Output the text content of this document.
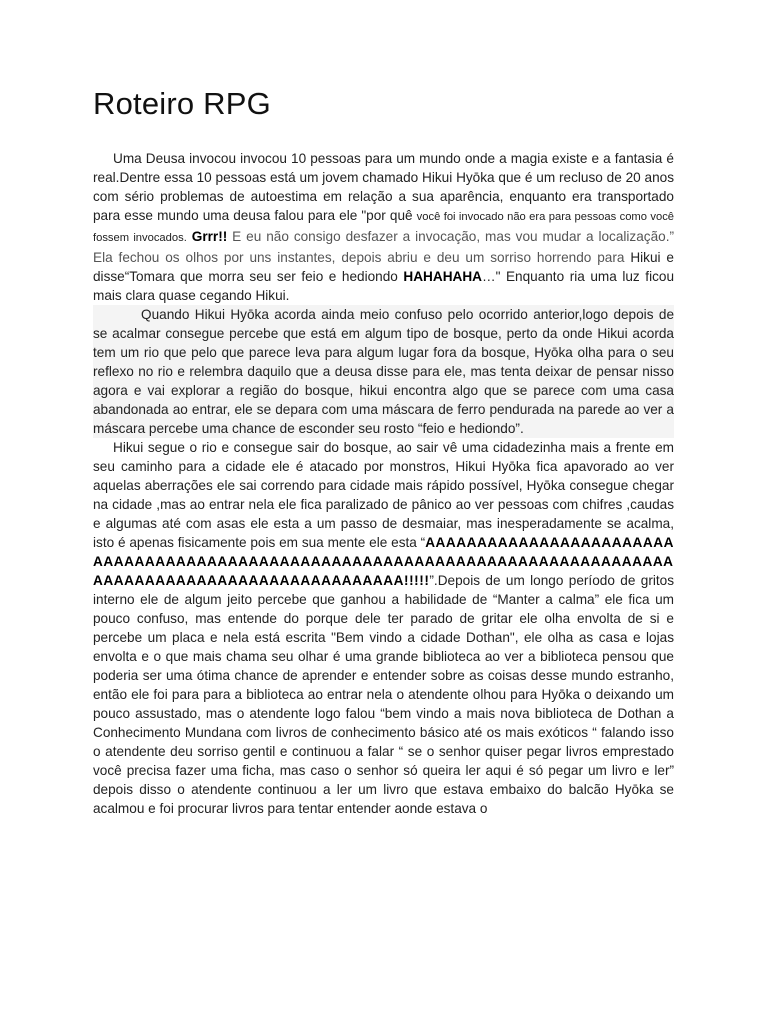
Roteiro RPG

Uma Deusa invocou invocou 10 pessoas para um mundo onde a magia existe e a fantasia é real.Dentre essa 10 pessoas está um jovem chamado Hikui Hyōka que é um recluso de 20 anos com sério problemas de autoestima em relação a sua aparência, enquanto era transportado para esse mundo uma deusa falou para ele "por quê você foi invocado não era para pessoas como você fossem invocados. Grrr!! E eu não consigo desfazer a invocação, mas vou mudar a localização.” Ela fechou os olhos por uns instantes, depois abriu e deu um sorriso horrendo para Hikui e disse“Tomara que morra seu ser feio e hediondo HAHAHAHA…" Enquanto ria uma luz ficou mais clara quase cegando Hikui.

Quando Hikui Hyōka acorda ainda meio confuso pelo ocorrido anterior,logo depois de se acalmar consegue percebe que está em algum tipo de bosque, perto da onde Hikui acorda tem um rio que pelo que parece leva para algum lugar fora da bosque, Hyōka olha para o seu reflexo no rio e relembra daquilo que a deusa disse para ele, mas tenta deixar de pensar nisso agora e vai explorar a região do bosque, hikui encontra algo que se parece com uma casa abandonada ao entrar, ele se depara com uma máscara de ferro pendurada na parede ao ver a máscara percebe uma chance de esconder seu rosto “feio e hediondo”.

Hikui segue o rio e consegue sair do bosque, ao sair vê uma cidadezinha mais a frente em seu caminho para a cidade ele é atacado por monstros, Hikui Hyōka fica apavorado ao ver aquelas aberrações ele sai correndo para cidade mais rápido possível, Hyōka consegue chegar na cidade ,mas ao entrar nela ele fica paralizado de pânico ao ver pessoas com chifres ,caudas e algumas até com asas ele esta a um passo de desmaiar, mas inesperadamente se acalma, isto é apenas fisicamente pois em sua mente ele esta “AAAAAAAAAAAAAAAAAAAAAAAAAAAAAAAAAAAAAAAAAAAAAAAAAAAAAAAAAAAAAAAAAAAAAAAAAAAAAAAAAAAAAAAAAAAAAAAAAAAAAAAAAAAAAA!!!!!”.Depois de um longo período de gritos interno ele de algum jeito percebe que ganhou a habilidade de “Manter a calma” ele fica um pouco confuso, mas entende do porque dele ter parado de gritar ele olha envolta de si e percebe um placa e nela está escrita "Bem vindo a cidade Dothan", ele olha as casa e lojas envolta e o que mais chama seu olhar é uma grande biblioteca ao ver a biblioteca pensou que poderia ser uma ótima chance de aprender e entender sobre as coisas desse mundo estranho, então ele foi para para a biblioteca ao entrar nela o atendente olhou para Hyōka o deixando um pouco assustado, mas o atendente logo falou “bem vindo a mais nova biblioteca de Dothan a Conhecimento Mundana com livros de conhecimento básico até os mais exóticos “ falando isso o atendente deu sorriso gentil e continuou a falar “ se o senhor quiser pegar livros emprestado você precisa fazer uma ficha, mas caso o senhor só queira ler aqui é só pegar um livro e ler” depois disso o atendente continuou a ler um livro que estava embaixo do balcão Hyōka se acalmou e foi procurar livros para tentar entender aonde estava o
